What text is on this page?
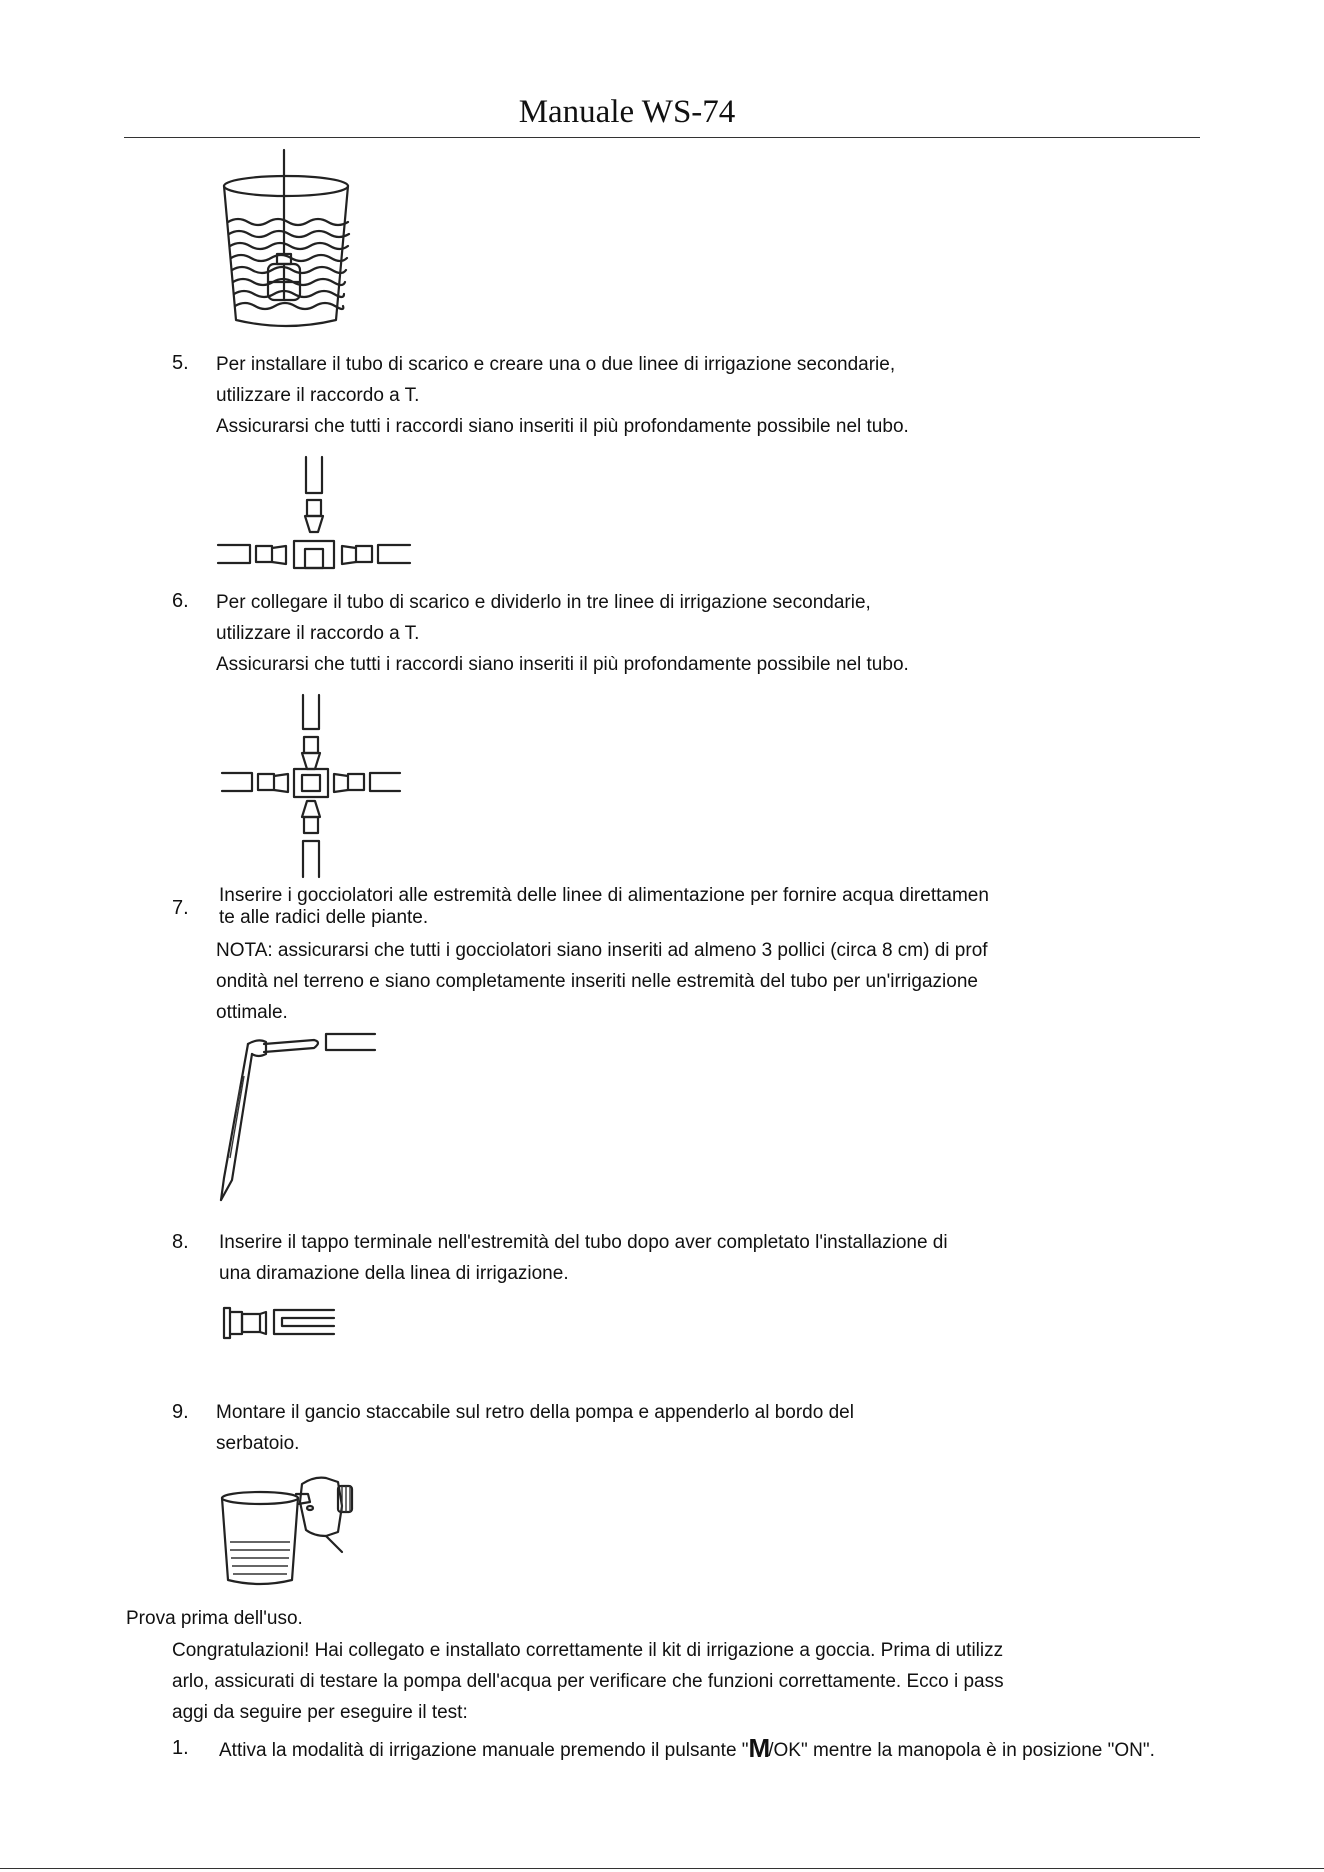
Manuale WS-74
5. Per installare il tubo di scarico e creare una o due linee di irrigazione secondarie,
utilizzare il raccordo a T.
Assicurarsi che tutti i raccordi siano inseriti il più profondamente possibile nel tubo.
6. Per collegare il tubo di scarico e dividerlo in tre linee di irrigazione secondarie,
utilizzare il raccordo a T.
Assicurarsi che tutti i raccordi siano inseriti il più profondamente possibile nel tubo.
7.
Inserire i gocciolatori alle estremità delle linee di alimentazione per fornire acqua direttamen
te alle radici delle piante.
NOTA: assicurarsi che tutti i gocciolatori siano inseriti ad almeno 3 pollici (circa 8 cm) di prof
ondità nel terreno e siano completamente inseriti nelle estremità del tubo per un'irrigazione
ottimale.
8. Inserire il tappo terminale nell'estremità del tubo dopo aver completato l'installazione di
una diramazione della linea di irrigazione.
9. Montare il gancio staccabile sul retro della pompa e appenderlo al bordo del
serbatoio.
Prova prima dell'uso.
Congratulazioni! Hai collegato e installato correttamente il kit di irrigazione a goccia. Prima di utilizz
arlo, assicurati di testare la pompa dell'acqua per verificare che funzioni correttamente. Ecco i pass
aggi da seguire per eseguire il test:
1. Attiva la modalità di irrigazione manuale premendo il pulsante "M/OK" mentre la manopola è in posizione "ON".
